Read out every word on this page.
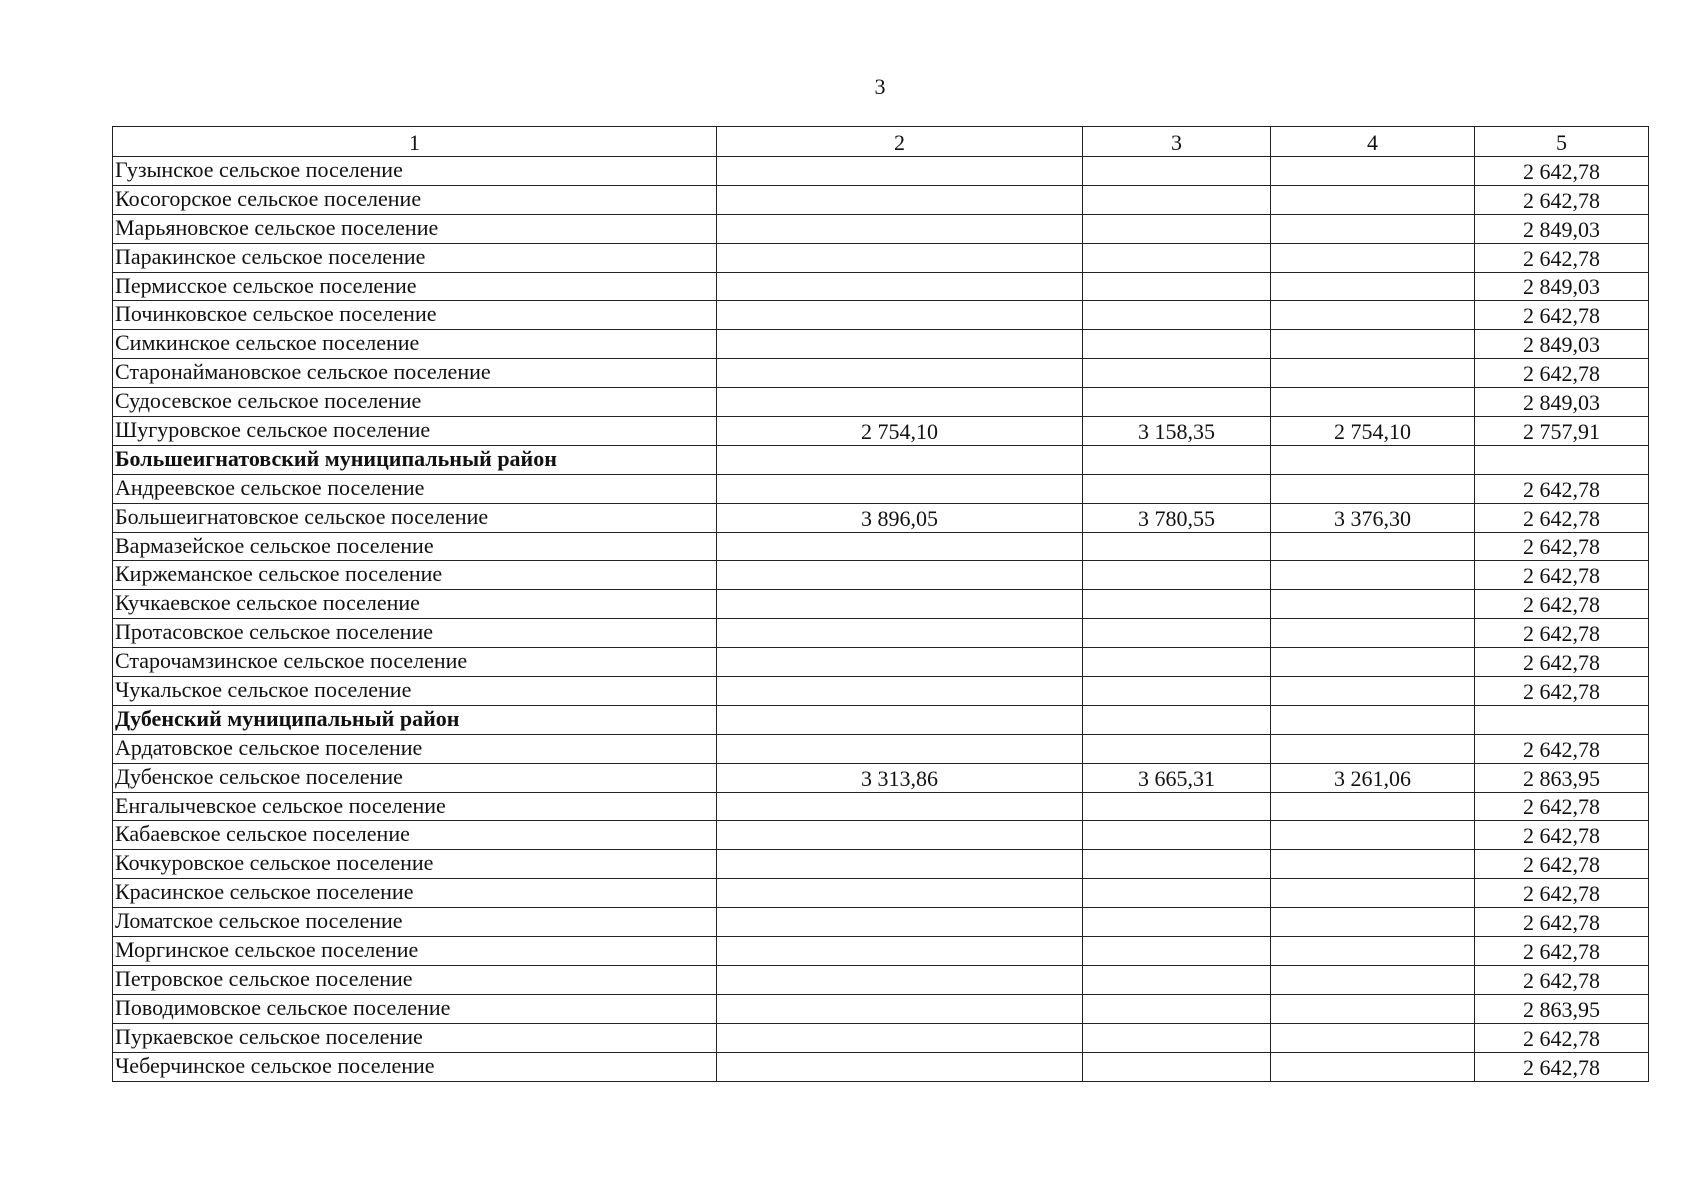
3
1	2	3	4	5
Гузынское сельское поселение				2 642,78
Косогорское сельское поселение				2 642,78
Марьяновское сельское поселение				2 849,03
Паракинское сельское поселение				2 642,78
Пермисское сельское поселение				2 849,03
Починковское сельское поселение				2 642,78
Симкинское сельское поселение				2 849,03
Старонаймановское сельское поселение				2 642,78
Судосевское сельское поселение				2 849,03
Шугуровское сельское поселение	2 754,10	3 158,35	2 754,10	2 757,91
Большеигнатовский муниципальный район				
Андреевское сельское поселение				2 642,78
Большеигнатовское сельское поселение	3 896,05	3 780,55	3 376,30	2 642,78
Вармазейское сельское поселение				2 642,78
Киржеманское сельское поселение				2 642,78
Кучкаевское сельское поселение				2 642,78
Протасовское сельское поселение				2 642,78
Старочамзинское сельское поселение				2 642,78
Чукальское сельское поселение				2 642,78
Дубенский муниципальный район				
Ардатовское сельское поселение				2 642,78
Дубенское сельское поселение	3 313,86	3 665,31	3 261,06	2 863,95
Енгалычевское сельское поселение				2 642,78
Кабаевское сельское поселение				2 642,78
Кочкуровское сельское поселение				2 642,78
Красинское сельское поселение				2 642,78
Ломатское сельское поселение				2 642,78
Моргинское сельское поселение				2 642,78
Петровское сельское поселение				2 642,78
Поводимовское сельское поселение				2 863,95
Пуркаевское сельское поселение				2 642,78
Чеберчинское сельское поселение				2 642,78
